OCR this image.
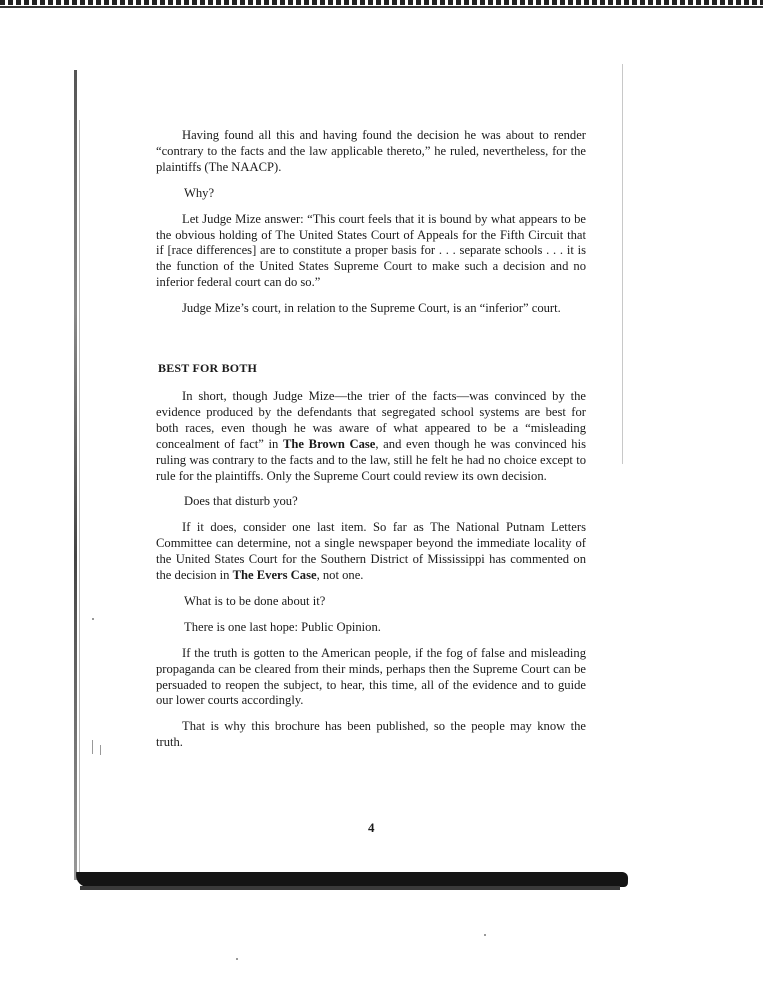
Having found all this and having found the decision he was about to render “contrary to the facts and the law applicable thereto,” he ruled, nevertheless, for the plaintiffs (The NAACP).

Why?

Let Judge Mize answer: “This court feels that it is bound by what appears to be the obvious holding of The United States Court of Appeals for the Fifth Circuit that if [race differences] are to constitute a proper basis for . . . separate schools . . . it is the function of the United States Supreme Court to make such a decision and no inferior federal court can do so.”

Judge Mize’s court, in relation to the Supreme Court, is an “inferior” court.

BEST FOR BOTH

In short, though Judge Mize—the trier of the facts—was convinced by the evidence produced by the defendants that segregated school systems are best for both races, even though he was aware of what appeared to be a “misleading concealment of fact” in The Brown Case, and even though he was convinced his ruling was contrary to the facts and to the law, still he felt he had no choice except to rule for the plaintiffs. Only the Supreme Court could review its own decision.

Does that disturb you?

If it does, consider one last item. So far as The National Putnam Letters Committee can determine, not a single newspaper beyond the immediate locality of the United States Court for the Southern District of Mississippi has commented on the decision in The Evers Case, not one.

What is to be done about it?

There is one last hope: Public Opinion.

If the truth is gotten to the American people, if the fog of false and misleading propaganda can be cleared from their minds, perhaps then the Supreme Court can be persuaded to reopen the subject, to hear, this time, all of the evidence and to guide our lower courts accordingly.

That is why this brochure has been published, so the people may know the truth.

4
